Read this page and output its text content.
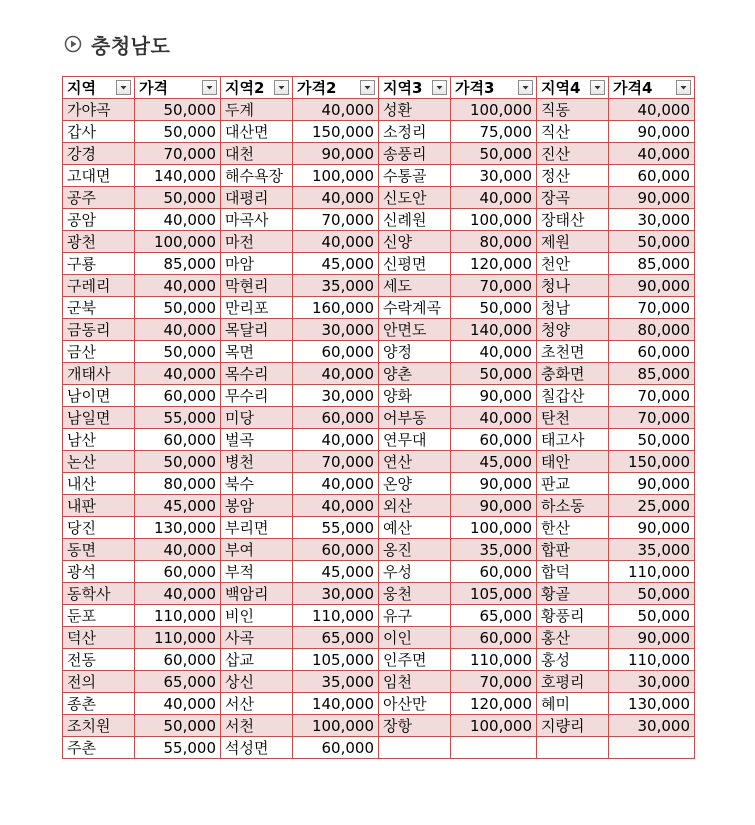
충청남도
지역	가격	지역2	가격2	지역3	가격3	지역4	가격4

가야곡	50,000	두계	40,000	성환	100,000	직동	40,000
갑사	50,000	대산면	150,000	소정리	75,000	직산	90,000
강경	70,000	대천	90,000	송풍리	50,000	진산	40,000
고대면	140,000	해수욕장	100,000	수통골	30,000	정산	60,000
공주	50,000	대평리	40,000	신도안	40,000	장곡	90,000
공암	40,000	마곡사	70,000	신례원	100,000	장태산	30,000
광천	100,000	마전	40,000	신양	80,000	제원	50,000
구룡	85,000	마암	45,000	신평면	120,000	천안	85,000
구레리	40,000	막현리	35,000	세도	70,000	청나	90,000
군북	50,000	만리포	160,000	수락계곡	50,000	청남	70,000
금동리	40,000	목달리	30,000	안면도	140,000	청양	80,000
금산	50,000	목면	60,000	양정	40,000	초천면	60,000
개태사	40,000	목수리	40,000	양촌	50,000	충화면	85,000
남이면	60,000	무수리	30,000	양화	90,000	칠갑산	70,000
남일면	55,000	미당	60,000	어부동	40,000	탄천	70,000
남산	60,000	벌곡	40,000	연무대	60,000	태고사	50,000
논산	50,000	병천	70,000	연산	45,000	태안	150,000
내산	80,000	북수	40,000	온양	90,000	판교	90,000
내판	45,000	봉암	40,000	외산	90,000	하소동	25,000
당진	130,000	부리면	55,000	예산	100,000	한산	90,000
동면	40,000	부여	60,000	옹진	35,000	합판	35,000
광석	60,000	부적	45,000	우성	60,000	합덕	110,000
동학사	40,000	백암리	30,000	웅천	105,000	황골	50,000
둔포	110,000	비인	110,000	유구	65,000	황풍리	50,000
덕산	110,000	사곡	65,000	이인	60,000	홍산	90,000
전동	60,000	삽교	105,000	인주면	110,000	홍성	110,000
전의	65,000	상신	35,000	임천	70,000	호평리	30,000
종촌	40,000	서산	140,000	아산만	120,000	혜미	130,000
조치원	50,000	서천	100,000	장항	100,000	지량리	30,000
주촌	55,000	석성면	60,000				
